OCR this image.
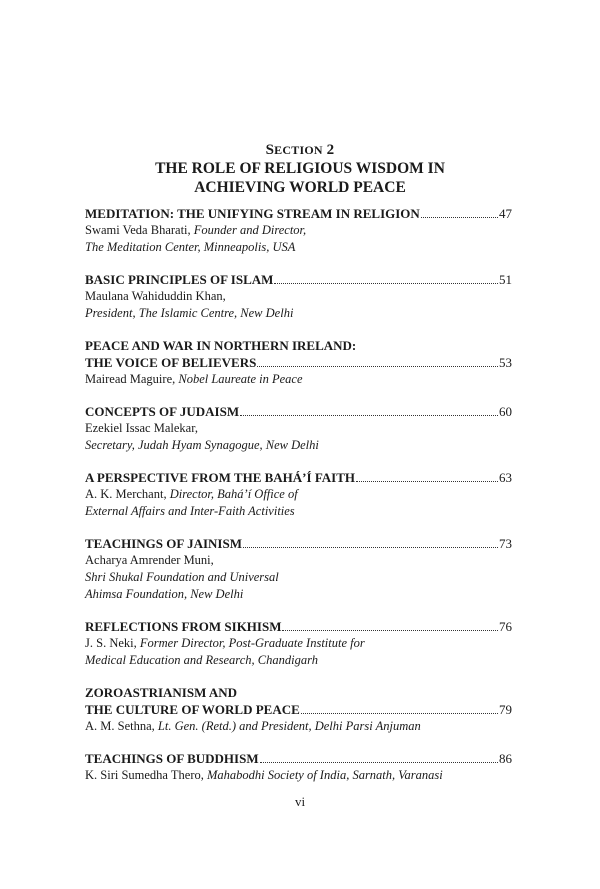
SECTION 2
THE ROLE OF RELIGIOUS WISDOM IN
ACHIEVING WORLD PEACE
MEDITATION: THE UNIFYING STREAM IN RELIGION	47
Swami Veda Bharati, Founder and Director,
The Meditation Center, Minneapolis, USA
BASIC PRINCIPLES OF ISLAM	51
Maulana Wahiduddin Khan,
President, The Islamic Centre, New Delhi
PEACE AND WAR IN NORTHERN IRELAND:
THE VOICE OF BELIEVERS	53
Mairead Maguire, Nobel Laureate in Peace
CONCEPTS OF JUDAISM	60
Ezekiel Issac Malekar,
Secretary, Judah Hyam Synagogue, New Delhi
A PERSPECTIVE FROM THE BAHÁ’Í FAITH	63
A. K. Merchant, Director, Bahá’í Office of
External Affairs and Inter-Faith Activities
TEACHINGS OF JAINISM	73
Acharya Amrender Muni,
Shri Shukal Foundation and Universal
Ahimsa Foundation, New Delhi
REFLECTIONS FROM SIKHISM	76
J. S. Neki, Former Director, Post-Graduate Institute for
Medical Education and Research, Chandigarh
ZOROASTRIANISM AND
THE CULTURE OF WORLD PEACE	79
A. M. Sethna, Lt. Gen. (Retd.) and President, Delhi Parsi Anjuman
TEACHINGS OF BUDDHISM	86
K. Siri Sumedha Thero, Mahabodhi Society of India, Sarnath, Varanasi
vi
